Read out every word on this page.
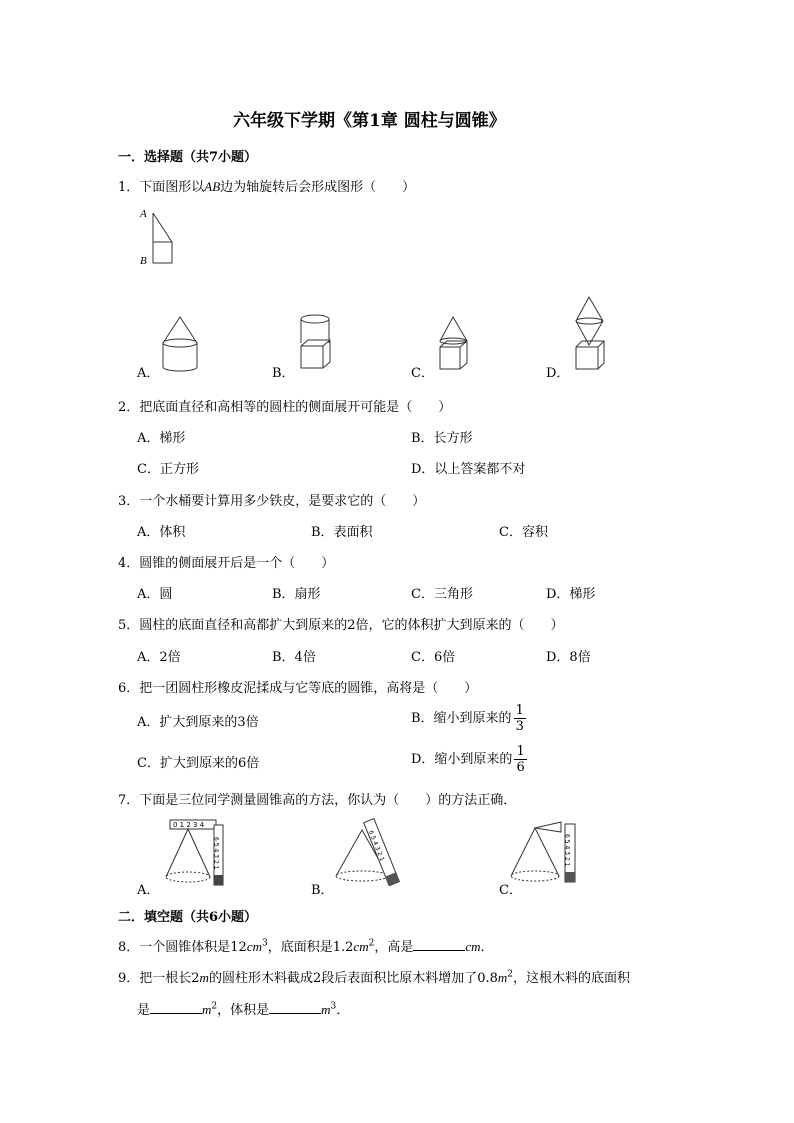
六年级下学期《第1章 圆柱与圆锥》
一．选择题（共7小题）
1．下面图形以AB边为轴旋转后会形成图形（　　）
A
B
A．	B．	C．	D．
2．把底面直径和高相等的圆柱的侧面展开可能是（　　）
A．梯形	B．长方形
C．正方形	D．以上答案都不对
3．一个水桶要计算用多少铁皮，是要求它的（　　）
A．体积	B．表面积	C．容积
4．圆锥的侧面展开后是一个（　　）
A．圆	B．扇形	C．三角形	D．梯形
5．圆柱的底面直径和高都扩大到原来的2倍，它的体积扩大到原来的（　　）
A．2倍	B．4倍	C．6倍	D．8倍
6．把一团圆柱形橡皮泥揉成与它等底的圆锥，高将是（　　）
A．扩大到原来的3倍	B．缩小到原来的 $\frac{1}{3}$
C．扩大到原来的6倍	D．缩小到原来的 $\frac{1}{6}$
7．下面是三位同学测量圆锥高的方法，你认为（　　）的方法正确．
0 1 2 3 4
6 5 4 3 2 1	6 5 4 3 2 1	6 5 4 3 2 1
A．	B．	C．
二．填空题（共6小题）
8．一个圆锥体积是$12cm^3$，底面积是$1.2cm^2$，高是	cm．
9．把一根长2m的圆柱形木料截成2段后表面积比原木料增加了$0.8m^2$，这根木料的底面积
是	$m^2$，体积是	$m^3$．
